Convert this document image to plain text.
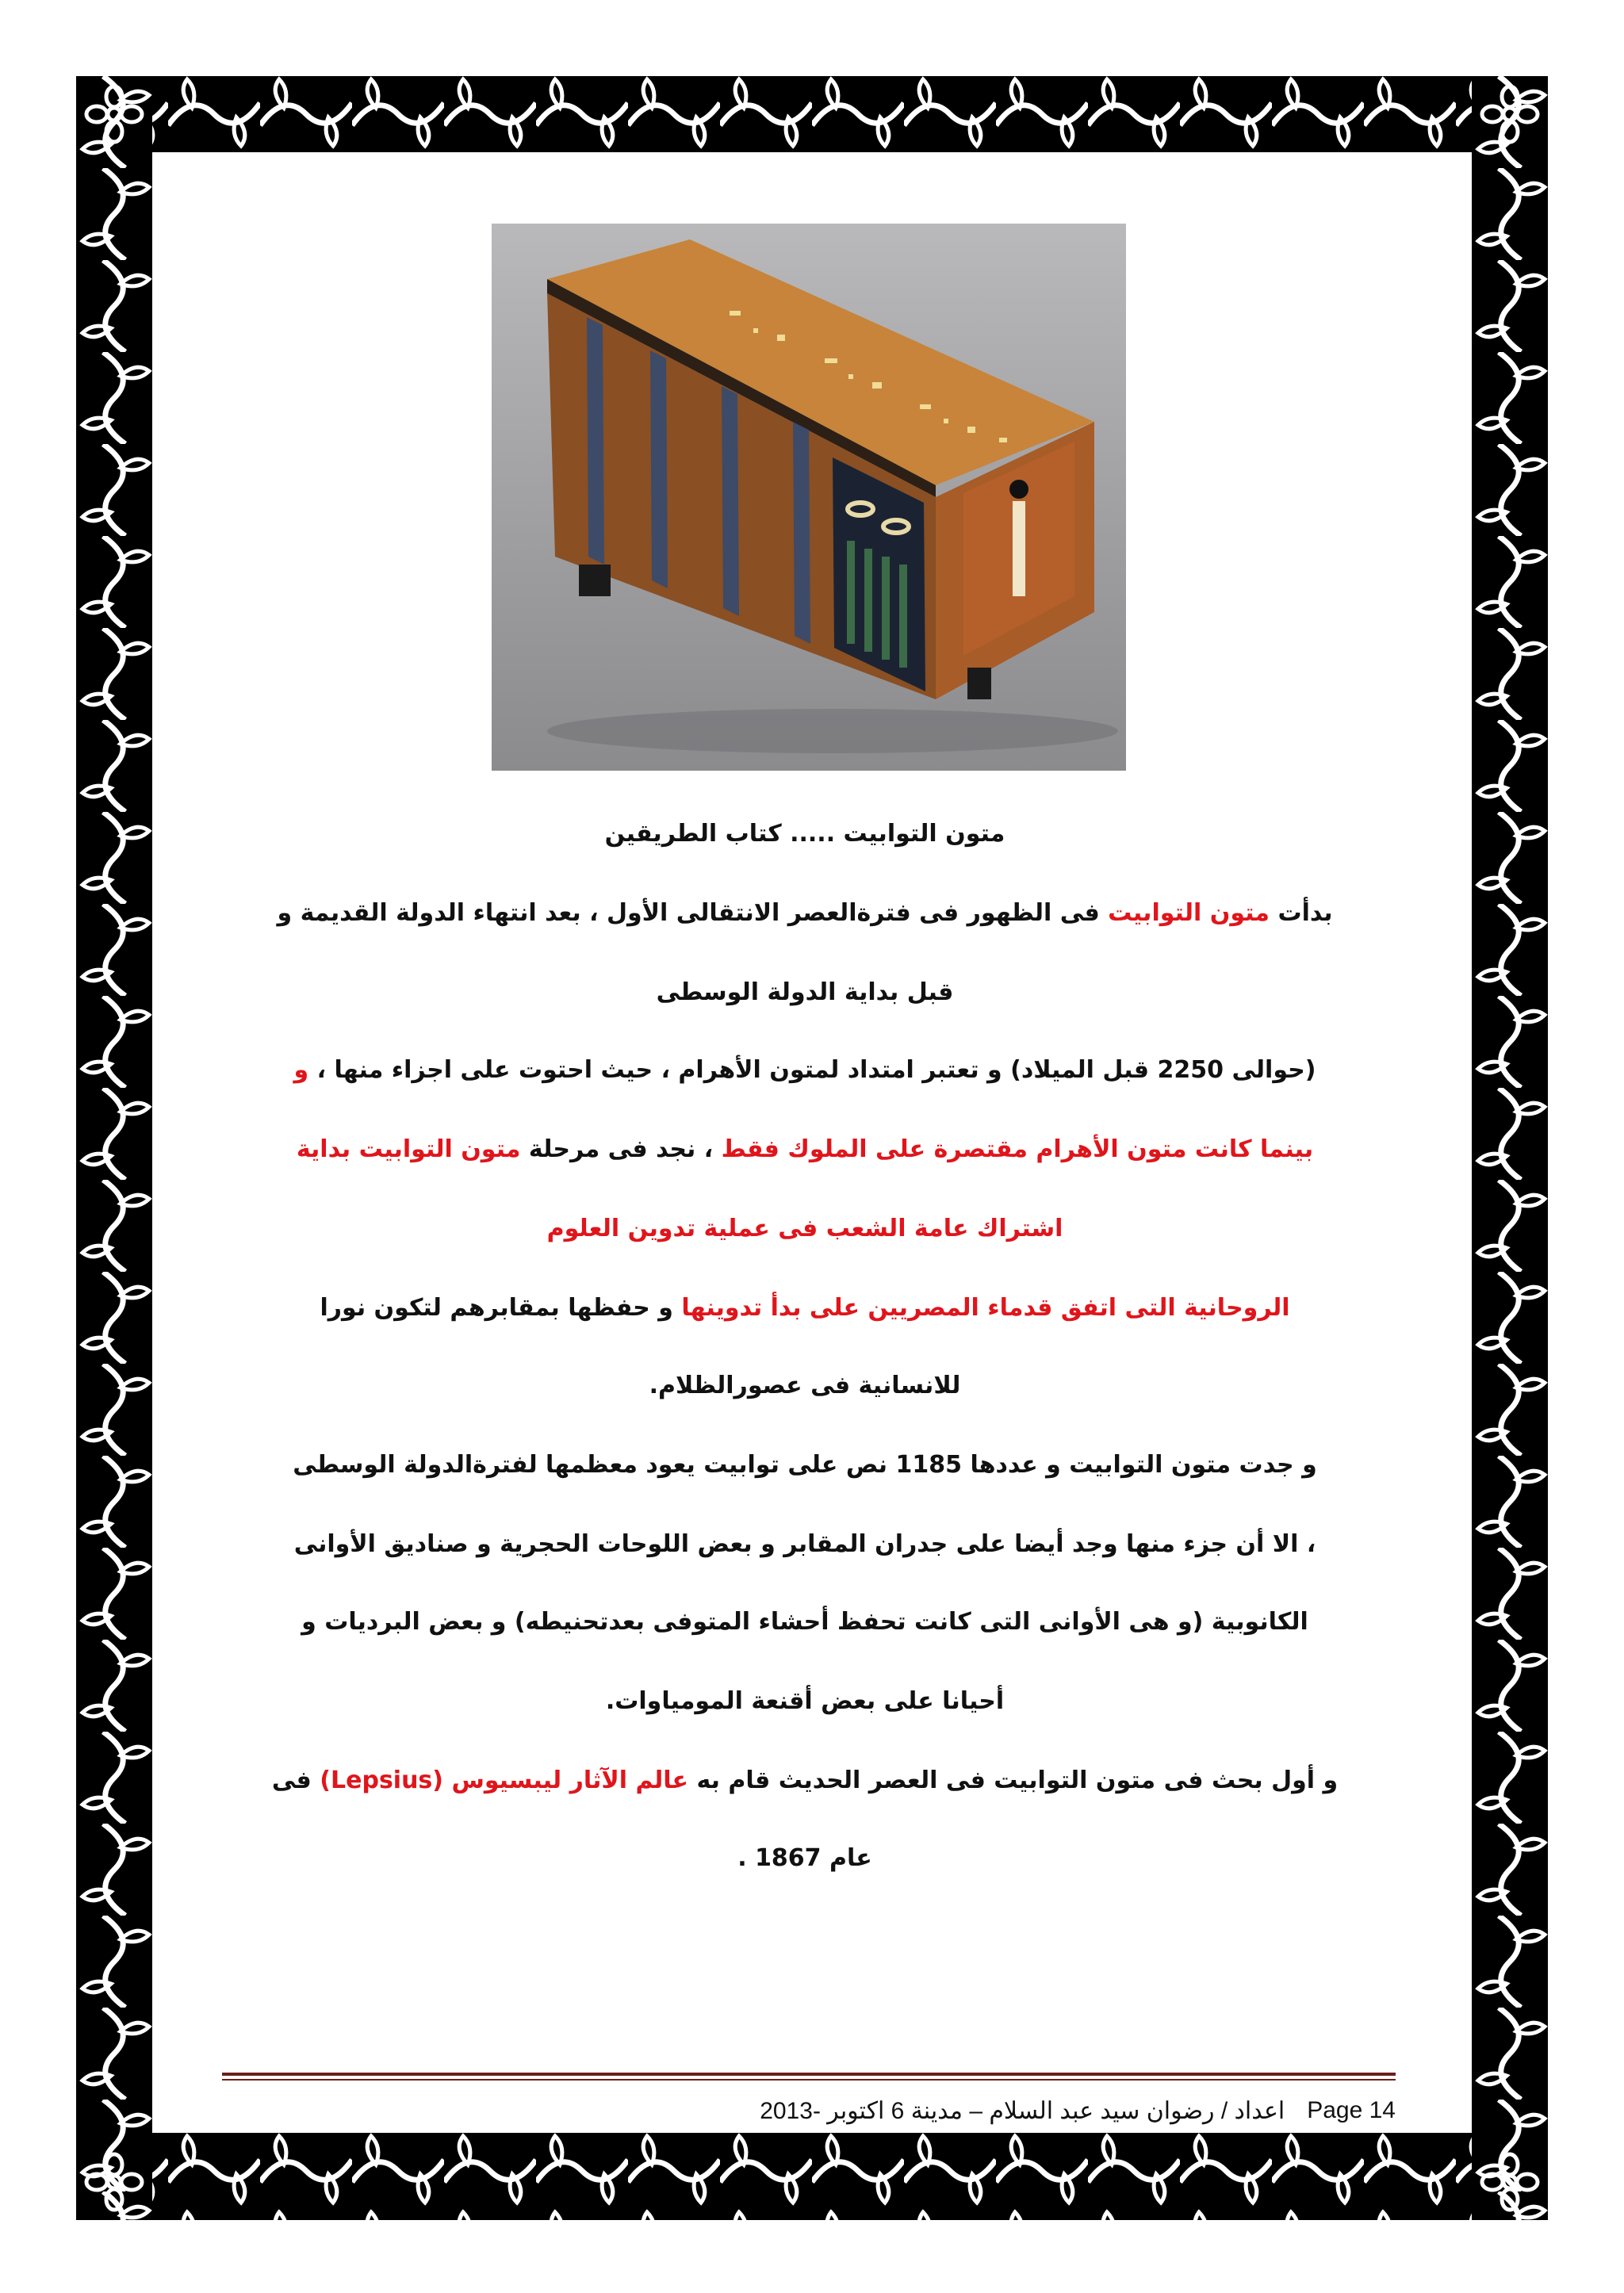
متون التوابيت ..... كتاب الطريقين
بدأت متون التوابيت فى الظهور فى فترةالعصر الانتقالى الأول ، بعد انتهاء الدولة القديمة و
قبل بداية الدولة الوسطى
(حوالى 2250 قبل الميلاد) و تعتبر امتداد لمتون الأهرام ، حيث احتوت على اجزاء منها ، و
بينما كانت متون الأهرام مقتصرة على الملوك فقط ، نجد فى مرحلة متون التوابيت بداية
اشتراك عامة الشعب فى عملية تدوين العلوم
الروحانية التى اتفق قدماء المصريين على بدأ تدوينها و حفظها بمقابرهم لتكون نورا
للانسانية فى عصورالظلام.
و جدت متون التوابيت و عددها 1185 نص على توابيت يعود معظمها لفترةالدولة الوسطى
، الا أن جزء منها وجد أيضا على جدران المقابر و بعض اللوحات الحجرية و صناديق الأوانى
الكانوبية (و هى الأوانى التى كانت تحفظ أحشاء المتوفى بعدتحنيطه) و بعض البرديات و
أحيانا على بعض أقنعة المومياوات.
و أول بحث فى متون التوابيت فى العصر الحديث قام به عالم الآثار ليبسيوس (Lepsius) فى
عام 1867 .
اعداد / رضوان سيد عبد السلام – مدينة 6 اكتوبر -2013 Page 14
